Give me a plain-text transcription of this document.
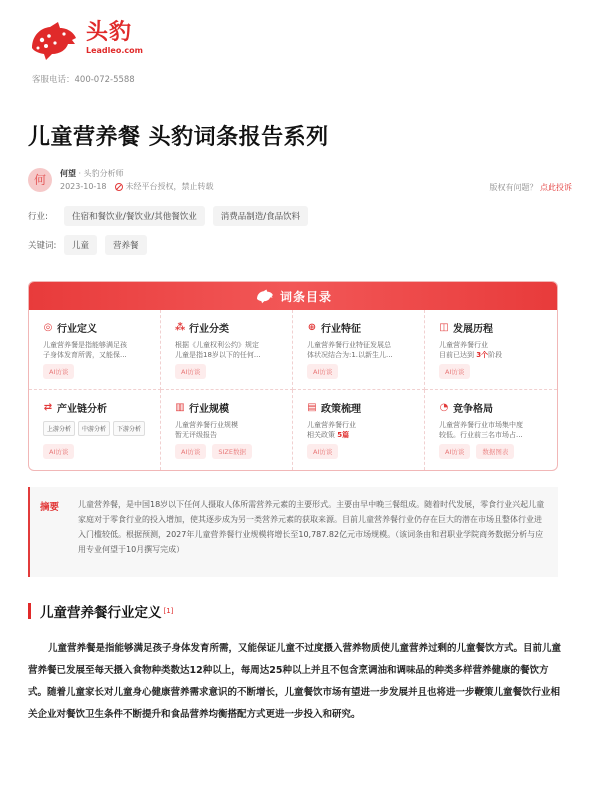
头豹
Leadleo.com
客服电话：400-072-5588
儿童营养餐 头豹词条报告系列
何	何望 · 头豹分析师
2023-10-18 未经平台授权，禁止转载	版权有问题？ 点此投诉
行业:	住宿和餐饮业/餐饮业/其他餐饮业	消费品制造/食品饮料
关键词:	儿童	营养餐
词条目录
◎ 行业定义
儿童营养餐是指能够满足孩
子身体发育所需，又能保...
AI访谈
⁂ 行业分类
根据《儿童权利公约》规定
儿童是指18岁以下的任何...
AI访谈
⊕ 行业特征
儿童营养餐行业特征发展总
体状况结合为:1.以新生儿...
AI访谈
◫ 发展历程
儿童营养餐行业
目前已达到 3个阶段
AI访谈
⇄ 产业链分析
上游分析	中游分析	下游分析
AI访谈
▥ 行业规模
儿童营养餐行业规模
暂无评级报告
AI访谈	SIZE数据
▤ 政策梳理
儿童营养餐行业
相关政策 5篇
AI访谈
◔ 竞争格局
儿童营养餐行业市场集中度
较低。行业前三名市场占...
AI访谈	数据图表
摘要 儿童营养餐，是中国18岁以下任何人摄取人体所需营养元素的主要形式。主要由早中晚三餐组成。随着时代发展，零食行业兴起儿童家庭对于零食行业的投入增加，使其逐步成为另一类营养元素的获取来源。目前儿童营养餐行业仍存在巨大的潜在市场且整体行业进入门槛较低。根据预测，2027年儿童营养餐行业规模将增长至10,787.82亿元市场规模。（该词条由和君职业学院商务数据分析与应用专业何望于10月撰写完成）
儿童营养餐行业定义 [1]
儿童营养餐是指能够满足孩子身体发育所需，又能保证儿童不过度摄入营养物质使儿童营养过剩的儿童餐饮方式。目前儿童营养餐已发展至每天摄入食物种类数达12种以上，每周达25种以上并且不包含烹调油和调味品的种类多样营养健康的餐饮方式。随着儿童家长对儿童身心健康营养需求意识的不断增长，儿童餐饮市场有望进一步发展并且也将进一步鞭策儿童餐饮行业相关企业对餐饮卫生条件不断提升和食品营养均衡搭配方式更进一步投入和研究。
